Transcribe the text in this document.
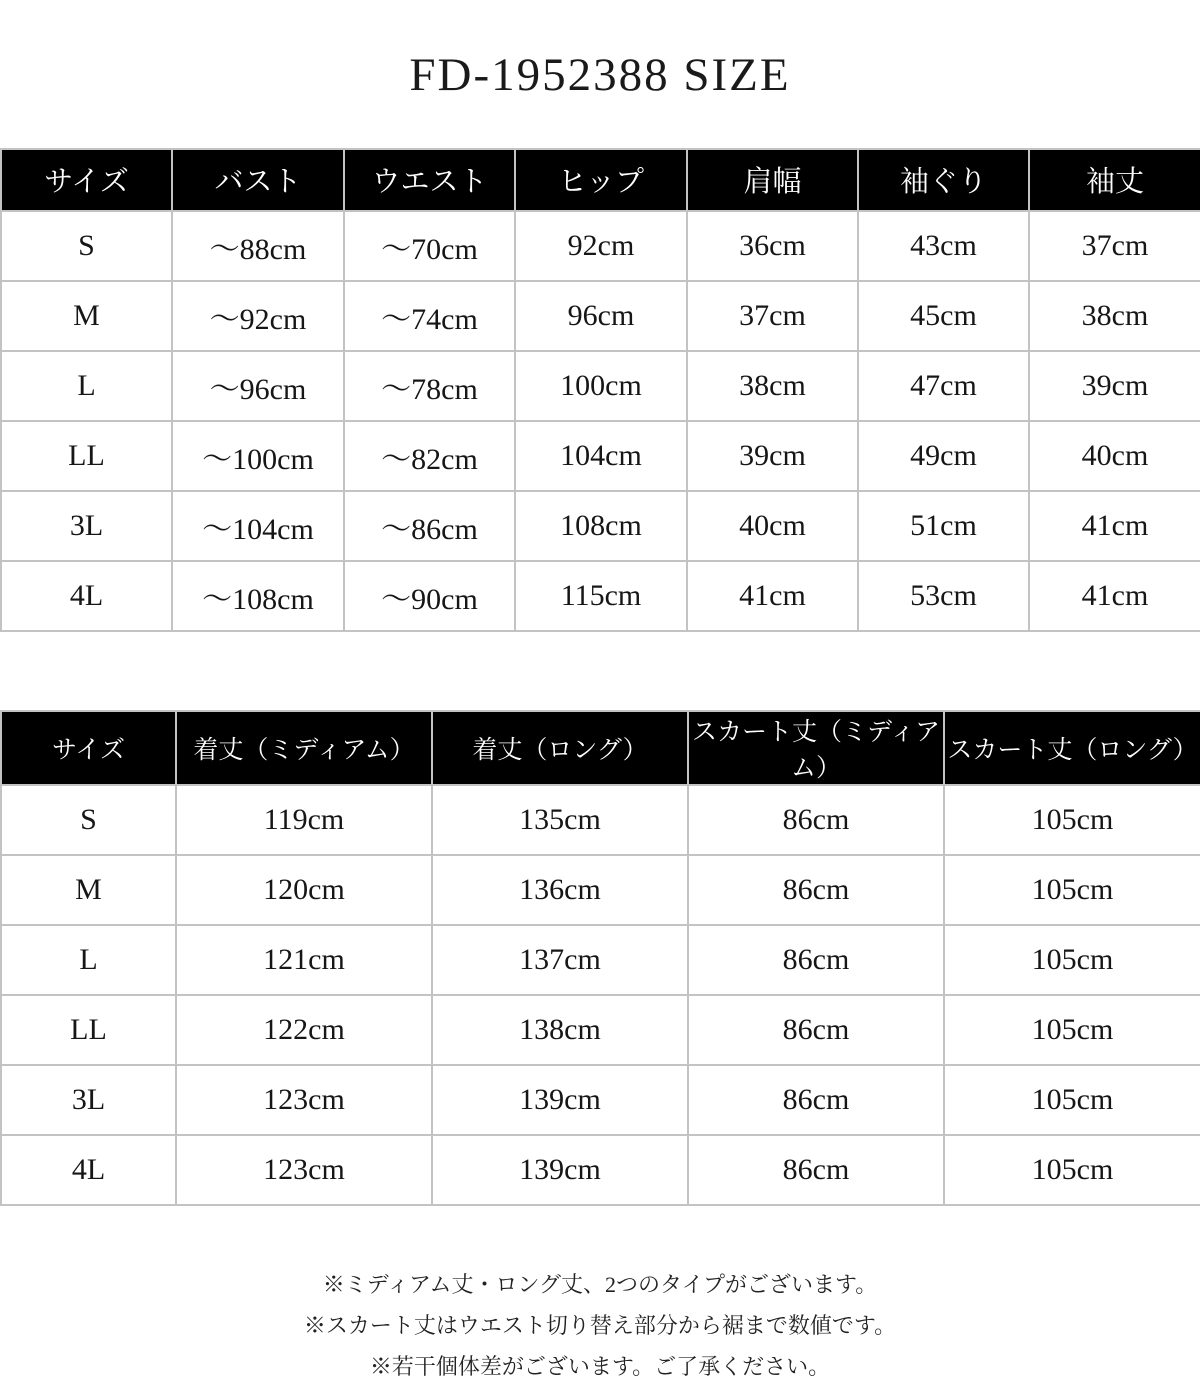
FD-1952388 SIZE
サイズ	バスト	ウエスト	ヒップ	肩幅	袖ぐり	袖丈
S	～88cm	～70cm	92cm	36cm	43cm	37cm
M	～92cm	～74cm	96cm	37cm	45cm	38cm
L	～96cm	～78cm	100cm	38cm	47cm	39cm
LL	～100cm	～82cm	104cm	39cm	49cm	40cm
3L	～104cm	～86cm	108cm	40cm	51cm	41cm
4L	～108cm	～90cm	115cm	41cm	53cm	41cm
サイズ	着丈（ミディアム）	着丈（ロング）	スカート丈（ミディアム）	スカート丈（ロング）
S	119cm	135cm	86cm	105cm
M	120cm	136cm	86cm	105cm
L	121cm	137cm	86cm	105cm
LL	122cm	138cm	86cm	105cm
3L	123cm	139cm	86cm	105cm
4L	123cm	139cm	86cm	105cm
※ミディアム丈・ロング丈、2つのタイプがございます。
※スカート丈はウエスト切り替え部分から裾まで数値です。
※若干個体差がございます。ご了承ください。
